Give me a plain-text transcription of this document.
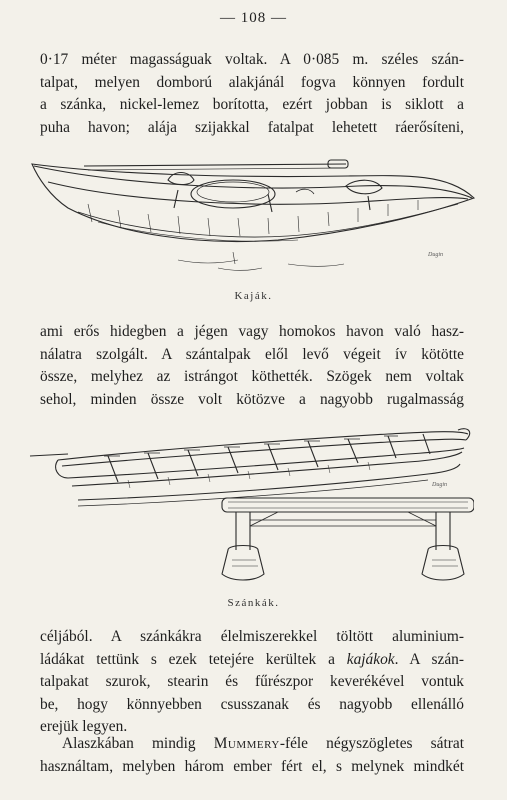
— 108 —
0·17 méter magasságuak voltak. A 0·085 m. széles szán-
talpat, melyen domború alakjánál fogva könnyen fordult
a szánka, nickel-lemez borította, ezért jobban is siklott a
puha havon; alája szijakkal fatalpat lehetett ráerősíteni,
Dugin
Kaják.
ami erős hidegben a jégen vagy homokos havon való hasz-
nálatra szolgált. A szántalpak elől levő végeit ív kötötte
össze, melyhez az istrángot köthették. Szögek nem voltak
sehol, minden össze volt kötözve a nagyobb rugalmasság
Dugin
Szánkák.
céljából. A szánkákra élelmiszerekkel töltött aluminium-
ládákat tettünk s ezek tetejére kerültek a kajákok. A szán-
talpakat szurok, stearin és fűrészpor keverékével vontuk
be, hogy könnyebben csusszanak és nagyobb ellenálló
erejük legyen.
Alaszkában mindig Mummery-féle négyszögletes sátrat
használtam, melyben három ember fért el, s melynek mindkét
